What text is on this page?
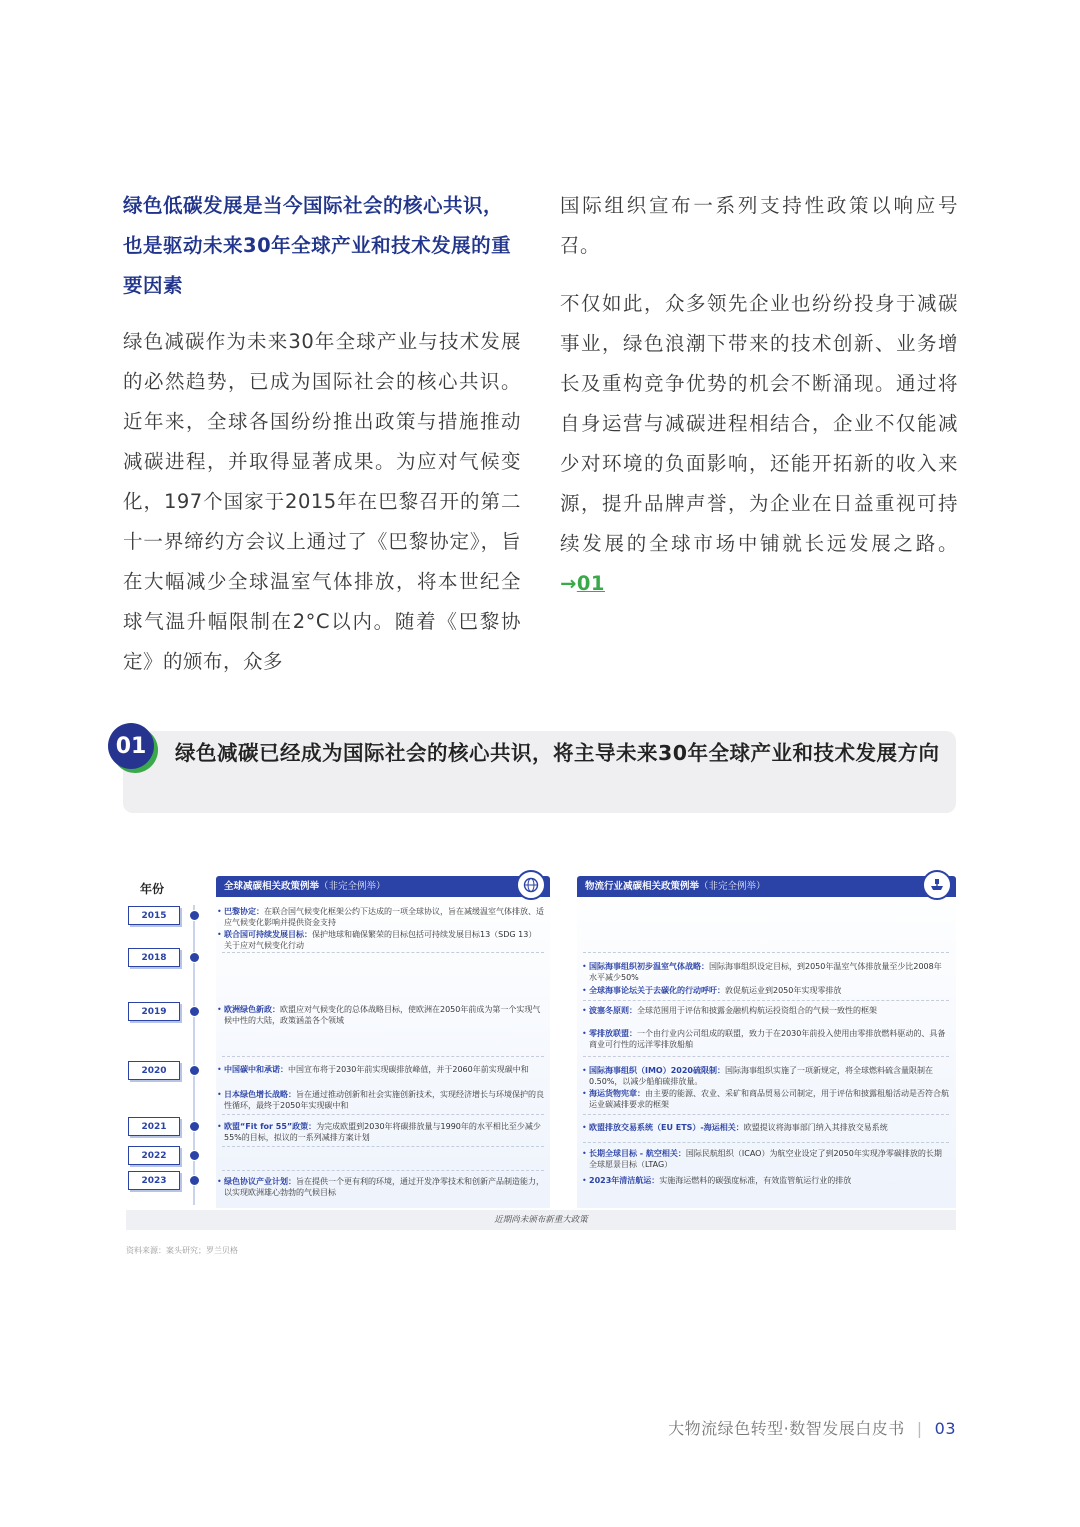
绿色低碳发展是当今国际社会的核心共识，也是驱动未来30年全球产业和技术发展的重要因素

绿色减碳作为未来30年全球产业与技术发展的必然趋势，已成为国际社会的核心共识。近年来，全球各国纷纷推出政策与措施推动减碳进程，并取得显著成果。为应对气候变化，197个国家于2015年在巴黎召开的第二十一界缔约方会议上通过了《巴黎协定》，旨在大幅减少全球温室气体排放，将本世纪全球气温升幅限制在2°C以内。随着《巴黎协定》的颁布，众多

国际组织宣布一系列支持性政策以响应号召。

不仅如此，众多领先企业也纷纷投身于减碳事业，绿色浪潮下带来的技术创新、业务增长及重构竞争优势的机会不断涌现。通过将自身运营与减碳进程相结合，企业不仅能减少对环境的负面影响，还能开拓新的收入来源，提升品牌声誉，为企业在日益重视可持续发展的全球市场中铺就长远发展之路。 →01

01	绿色减碳已经成为国际社会的核心共识，将主导未来30年全球产业和技术发展方向
年份
2015
2018
2019
2020
2021
2022
2023
全球减碳相关政策例举（非完全例举）
• 巴黎协定：在联合国气候变化框架公约下达成的一项全球协议，旨在减缓温室气体排放、适应气候变化影响并提供资金支持
• 联合国可持续发展目标：保护地球和确保繁荣的目标包括可持续发展目标13（SDG 13）关于应对气候变化行动
• 欧洲绿色新政：欧盟应对气候变化的总体战略目标，使欧洲在2050年前成为第一个实现气候中性的大陆，政策涵盖各个领域
• 中国碳中和承诺：中国宣布将于2030年前实现碳排放峰值，并于2060年前实现碳中和
• 日本绿色增长战略：旨在通过推动创新和社会实施创新技术，实现经济增长与环境保护的良性循环，最终于2050年实现碳中和
• 欧盟“Fit for 55”政策：为完成欧盟到2030年将碳排放量与1990年的水平相比至少减少55%的目标，拟议的一系列减排方案计划
• 绿色协议产业计划：旨在提供一个更有利的环境，通过开发净零技术和创新产品制造能力，以实现欧洲雄心勃勃的气候目标
物流行业减碳相关政策例举（非完全例举）
• 国际海事组织初步温室气体战略：国际海事组织设定目标，到2050年温室气体排放量至少比2008年水平减少50%
• 全球海事论坛关于去碳化的行动呼吁：敦促航运业到2050年实现零排放
• 波塞冬原则：全球范围用于评估和披露金融机构航运投资组合的气候一致性的框架
• 零排放联盟：一个由行业内公司组成的联盟，致力于在2030年前投入使用由零排放燃料驱动的、具备商业可行性的远洋零排放船舶
• 国际海事组织（IMO）2020硫限制：国际海事组织实施了一项新规定，将全球燃料硫含量限制在0.50%，以减少船舶硫排放量。
• 海运货物宪章：由主要的能源、农业、采矿和商品贸易公司制定，用于评估和披露租船活动是否符合航运业碳减排要求的框架
• 欧盟排放交易系统（EU ETS）-海运相关：欧盟提议将海事部门纳入其排放交易系统
• 长期全球目标 - 航空相关：国际民航组织（ICAO）为航空业设定了到2050年实现净零碳排放的长期全球愿景目标（LTAG）
• 2023年清洁航运：实施海运燃料的碳强度标准，有效监管航运行业的排放
近期尚未颁布新重大政策
资料来源：案头研究；罗兰贝格
大物流绿色转型·数智发展白皮书 | 03
